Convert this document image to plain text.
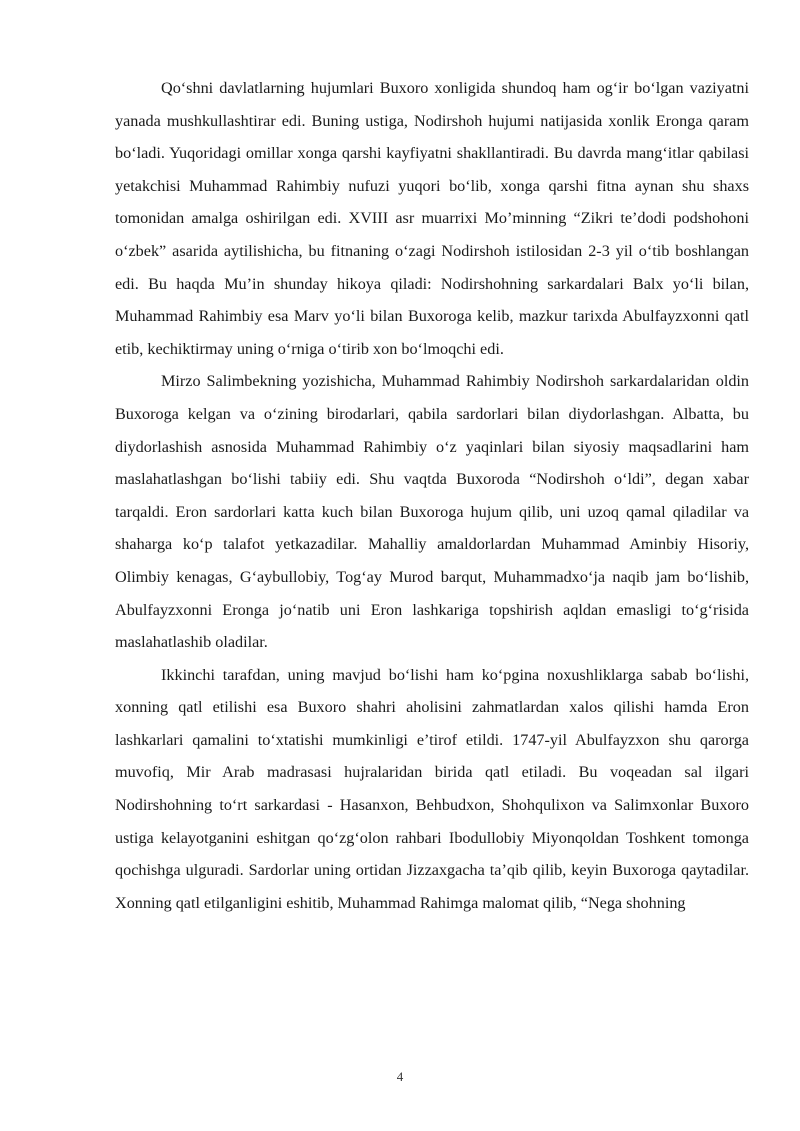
Qo‘shni davlatlarning hujumlari Buxoro xonligida shundoq ham og‘ir bo‘lgan vaziyatni yanada mushkullashtirar edi. Buning ustiga, Nodirshoh hujumi natijasida xonlik Eronga qaram bo‘ladi. Yuqoridagi omillar xonga qarshi kayfiyatni shakllantiradi. Bu davrda mang‘itlar qabilasi yetakchisi Muhammad Rahimbiy nufuzi yuqori bo‘lib, xonga qarshi fitna aynan shu shaxs tomonidan amalga oshirilgan edi. XVIII asr muarrixi Mo’minning “Zikri te’dodi podshohoni o‘zbek” asarida aytilishicha, bu fitnaning o‘zagi Nodirshoh istilosidan 2-3 yil o‘tib boshlangan edi. Bu haqda Mu’in shunday hikoya qiladi: Nodirshohning sarkardalari Balx yo‘li bilan, Muhammad Rahimbiy esa Marv yo‘li bilan Buxoroga kelib, mazkur tarixda Abulfayzxonni qatl etib, kechiktirmay uning o‘rniga o‘tirib xon bo‘lmoqchi edi.

Mirzo Salimbekning yozishicha, Muhammad Rahimbiy Nodirshoh sarkardalaridan oldin Buxoroga kelgan va o‘zining birodarlari, qabila sardorlari bilan diydorlashgan. Albatta, bu diydorlashish asnosida Muhammad Rahimbiy o‘z yaqinlari bilan siyosiy maqsadlarini ham maslahatlashgan bo‘lishi tabiiy edi. Shu vaqtda Buxoroda “Nodirshoh o‘ldi”, degan xabar tarqaldi. Eron sardorlari katta kuch bilan Buxoroga hujum qilib, uni uzoq qamal qiladilar va shaharga ko‘p talafot yetkazadilar. Mahalliy amaldorlardan Muhammad Aminbiy Hisoriy, Olimbiy kenagas, G‘aybullobiy, Tog‘ay Murod barqut, Muhammadxo‘ja naqib jam bo‘lishib, Abulfayzxonni Eronga jo‘natib uni Eron lashkariga topshirish aqldan emasligi to‘g‘risida maslahatlashib oladilar.

Ikkinchi tarafdan, uning mavjud bo‘lishi ham ko‘pgina noxushliklarga sabab bo‘lishi, xonning qatl etilishi esa Buxoro shahri aholisini zahmatlardan xalos qilishi hamda Eron lashkarlari qamalini to‘xtatishi mumkinligi e’tirof etildi. 1747-yil Abulfayzxon shu qarorga muvofiq, Mir Arab madrasasi hujralaridan birida qatl etiladi. Bu voqeadan sal ilgari Nodirshohning to‘rt sarkardasi - Hasanxon, Behbudxon, Shohqulixon va Salimxonlar Buxoro ustiga kelayotganini eshitgan qo‘zg‘olon rahbari Ibodullobiy Miyonqoldan Toshkent tomonga qochishga ulguradi. Sardorlar uning ortidan Jizzaxgacha ta’qib qilib, keyin Buxoroga qaytadilar. Xonning qatl etilganligini eshitib, Muhammad Rahimga malomat qilib, “Nega shohning

4
